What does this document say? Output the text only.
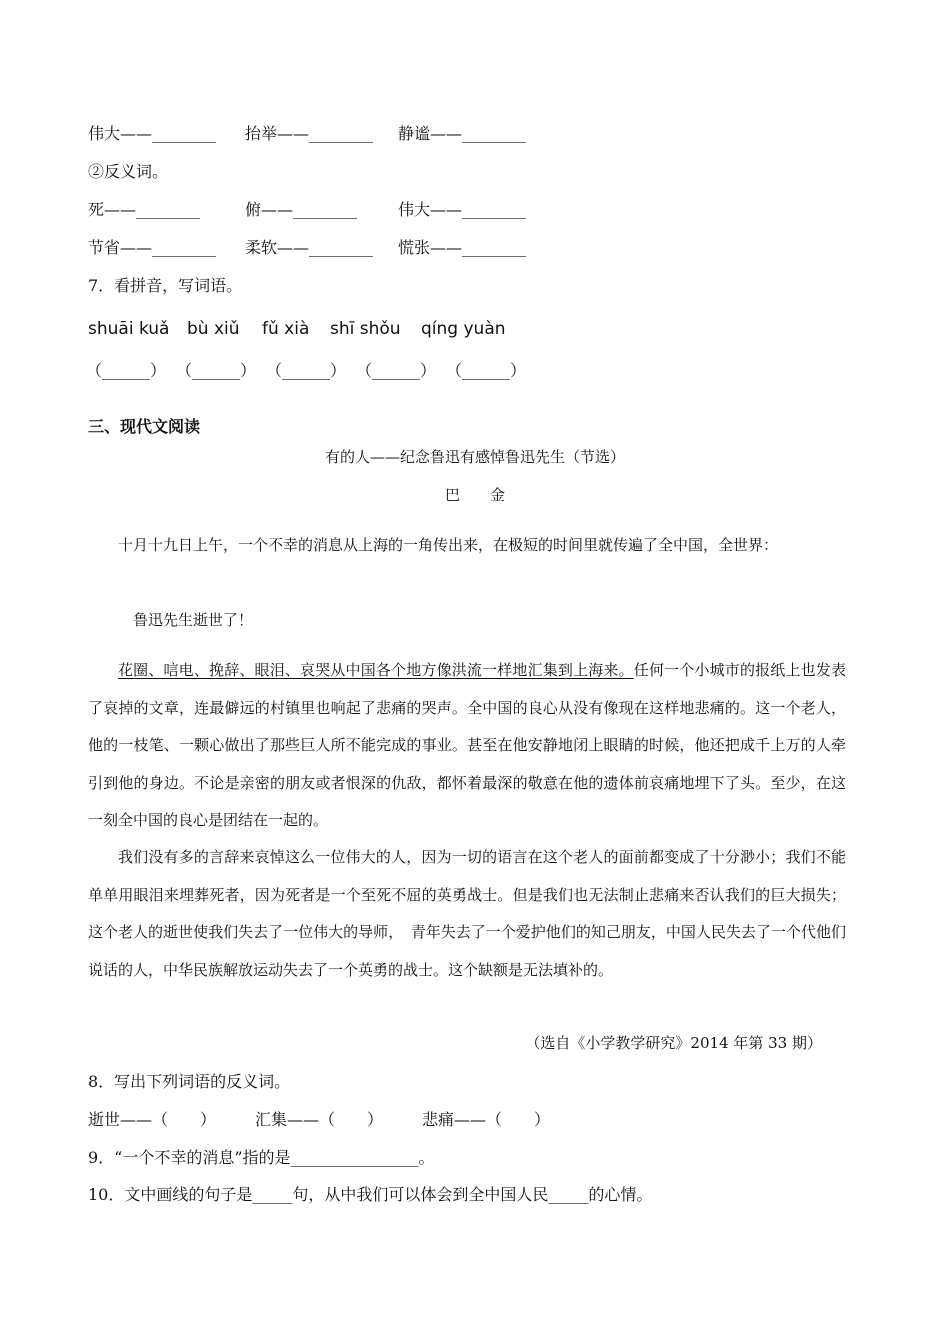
伟大——________ 抬举——________ 静谧——________
②反义词。
死——________	俯——________	伟大——________
节省——________ 柔软——________ 慌张——________
7．看拼音，写词语。
shuāi kuǎ bù xiǔ fǔ xià shī shǒu qíng yuàn
（______） （______） （______） （______） （______）
三、现代文阅读
有的人——纪念鲁迅有感悼鲁迅先生（节选）
巴　　金

十月十九日上午，一个不幸的消息从上海的一角传出来，在极短的时间里就传遍了全中国，全世界：

鲁迅先生逝世了！

花圈、唁电、挽辞、眼泪、哀哭从中国各个地方像洪流一样地汇集到上海来。任何一个小城市的报纸上也发表了哀掉的文章，连最僻远的村镇里也响起了悲痛的哭声。全中国的良心从没有像现在这样地悲痛的。这一个老人，他的一枝笔、一颗心做出了那些巨人所不能完成的事业。甚至在他安静地闭上眼睛的时候，他还把成千上万的人牵引到他的身边。不论是亲密的朋友或者恨深的仇敌，都怀着最深的敬意在他的遗体前哀痛地埋下了头。至少，在这一刻全中国的良心是团结在一起的。

我们没有多的言辞来哀悼这么一位伟大的人，因为一切的语言在这个老人的面前都变成了十分渺小；我们不能单单用眼泪来埋葬死者，因为死者是一个至死不屈的英勇战士。但是我们也无法制止悲痛来否认我们的巨大损失；这个老人的逝世使我们失去了一位伟大的导师，　青年失去了一个爱护他们的知己朋友，中国人民失去了一个代他们说话的人，中华民族解放运动失去了一个英勇的战士。这个缺额是无法填补的。

（选自《小学教学研究》2014 年第 33 期）
8．写出下列词语的反义词。
逝世——（　　） 汇集——（　　） 悲痛——（　　）
9．“一个不幸的消息”指的是________________。
10．文中画线的句子是_____句，从中我们可以体会到全中国人民_____的心情。
